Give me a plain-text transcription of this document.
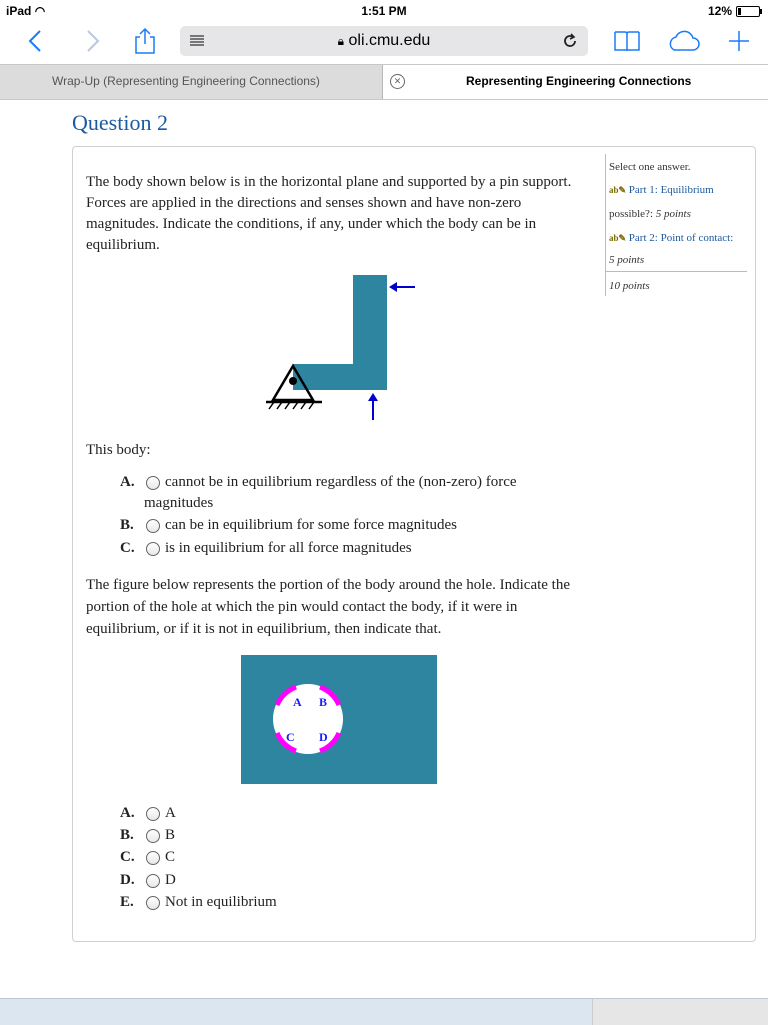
iPad ◠	1:51 PM	12%
🔒︎ oli.cmu.edu
Wrap-Up (Representing Engineering Connections)	✕	Representing Engineering Connections
Question 2
The body shown below is in the horizontal plane and supported by a pin support. Forces are applied in the directions and senses shown and have non-zero magnitudes. Indicate the conditions, if any, under which the body can be in equilibrium.
Select one answer.
ab✎ Part 1: Equilibrium
possible?: 5 points
ab✎ Part 2: Point of contact:
5 points
10 points
This body:
A. cannot be in equilibrium regardless of the (non-zero) force
magnitudes
B. can be in equilibrium for some force magnitudes
C. is in equilibrium for all force magnitudes
The figure below represents the portion of the body around the hole. Indicate the portion of the hole at which the pin would contact the body, if it were in equilibrium, or if it is not in equilibrium, then indicate that.
A B
C D
A. A
B. B
C. C
D. D
E. Not in equilibrium
